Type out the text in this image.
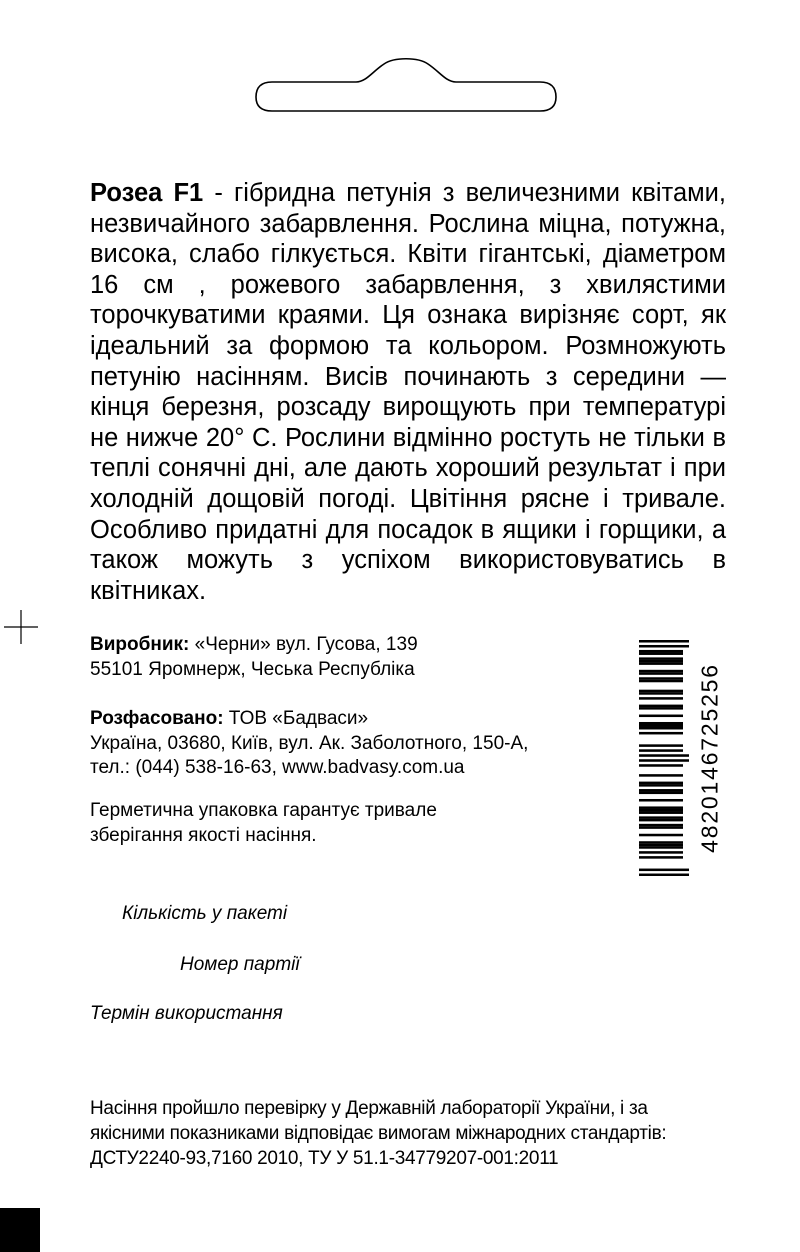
Розеа F1 - гібридна петунія з величезними квітами, незвичайного забарвлення. Рослина міцна, потужна, висока, слабо гілкується. Квіти гігантські, діаметром 16 см , рожевого забарвлення, з хвилястими торочкуватими краями. Ця ознака вирізняє сорт, як ідеальний за формою та кольором. Розмножують петунію насінням. Висів починають з середини — кінця березня, розсаду вирощують при температурі не нижче 20° С. Рослини відмінно ростуть не тільки в теплі сонячні дні, але дають хороший результат і при холодній дощовій погоді. Цвітіння рясне і тривале. Особливо придатні для посадок в ящики і горщики, а також можуть з успіхом використовуватись в квітниках.
Виробник: «Черни» вул. Гусова, 139
55101 Яромнерж, Чеська Республіка
Розфасовано: ТОВ «Бадваси»
Україна, 03680, Київ, вул. Ак. Заболотного, 150-А,
тел.: (044) 538-16-63, www.badvasy.com.ua
Герметична упаковка гарантує тривале
зберігання якості насіння.	4820146725256
Кількість у пакеті
Номер партії
Термін використання
Насіння пройшло перевірку у Державній лабораторії України, і за
якісними показниками відповідає вимогам міжнародних стандартів:
ДСТУ2240-93,7160 2010, ТУ У 51.1-34779207-001:2011
